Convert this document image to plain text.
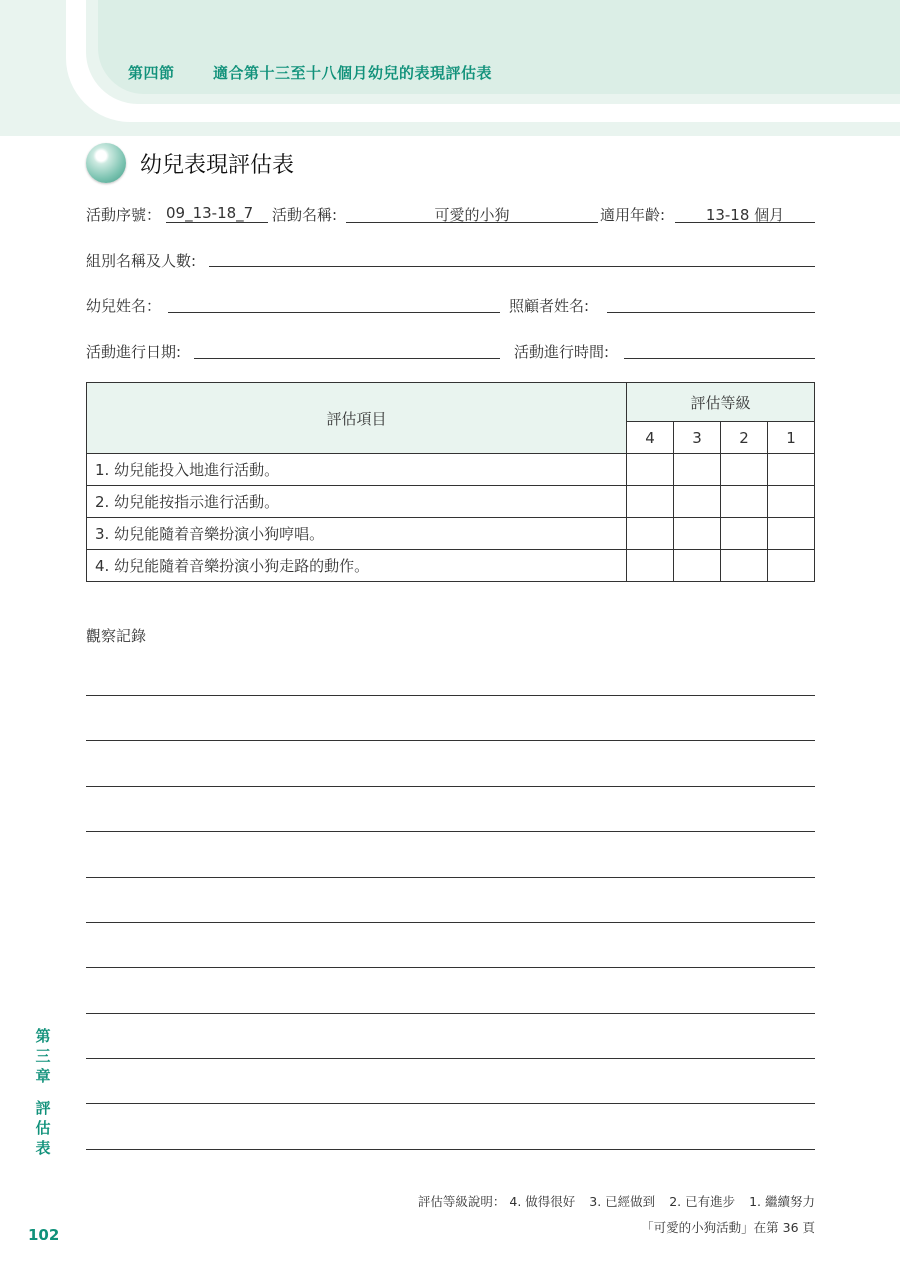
第四節	適合第十三至十八個月幼兒的表現評估表
幼兒表現評估表
活動序號： 09_13-18_7	活動名稱:	可愛的小狗	適用年齡:	13-18 個月
組別名稱及人數:
幼兒姓名：	照顧者姓名:
活動進行日期:	活動進行時間:
評估項目	評估等級			
	4	3	2	1
1. 幼兒能投入地進行活動。				
2. 幼兒能按指示進行活動。				
3. 幼兒能隨着音樂扮演小狗哼唱。				
4. 幼兒能隨着音樂扮演小狗走路的動作。				
觀察記錄
第三章
評估表
102
評估等級說明： 4. 做得很好 3. 已經做到 2. 已有進步 1. 繼續努力
「可愛的小狗活動」在第 36 頁
